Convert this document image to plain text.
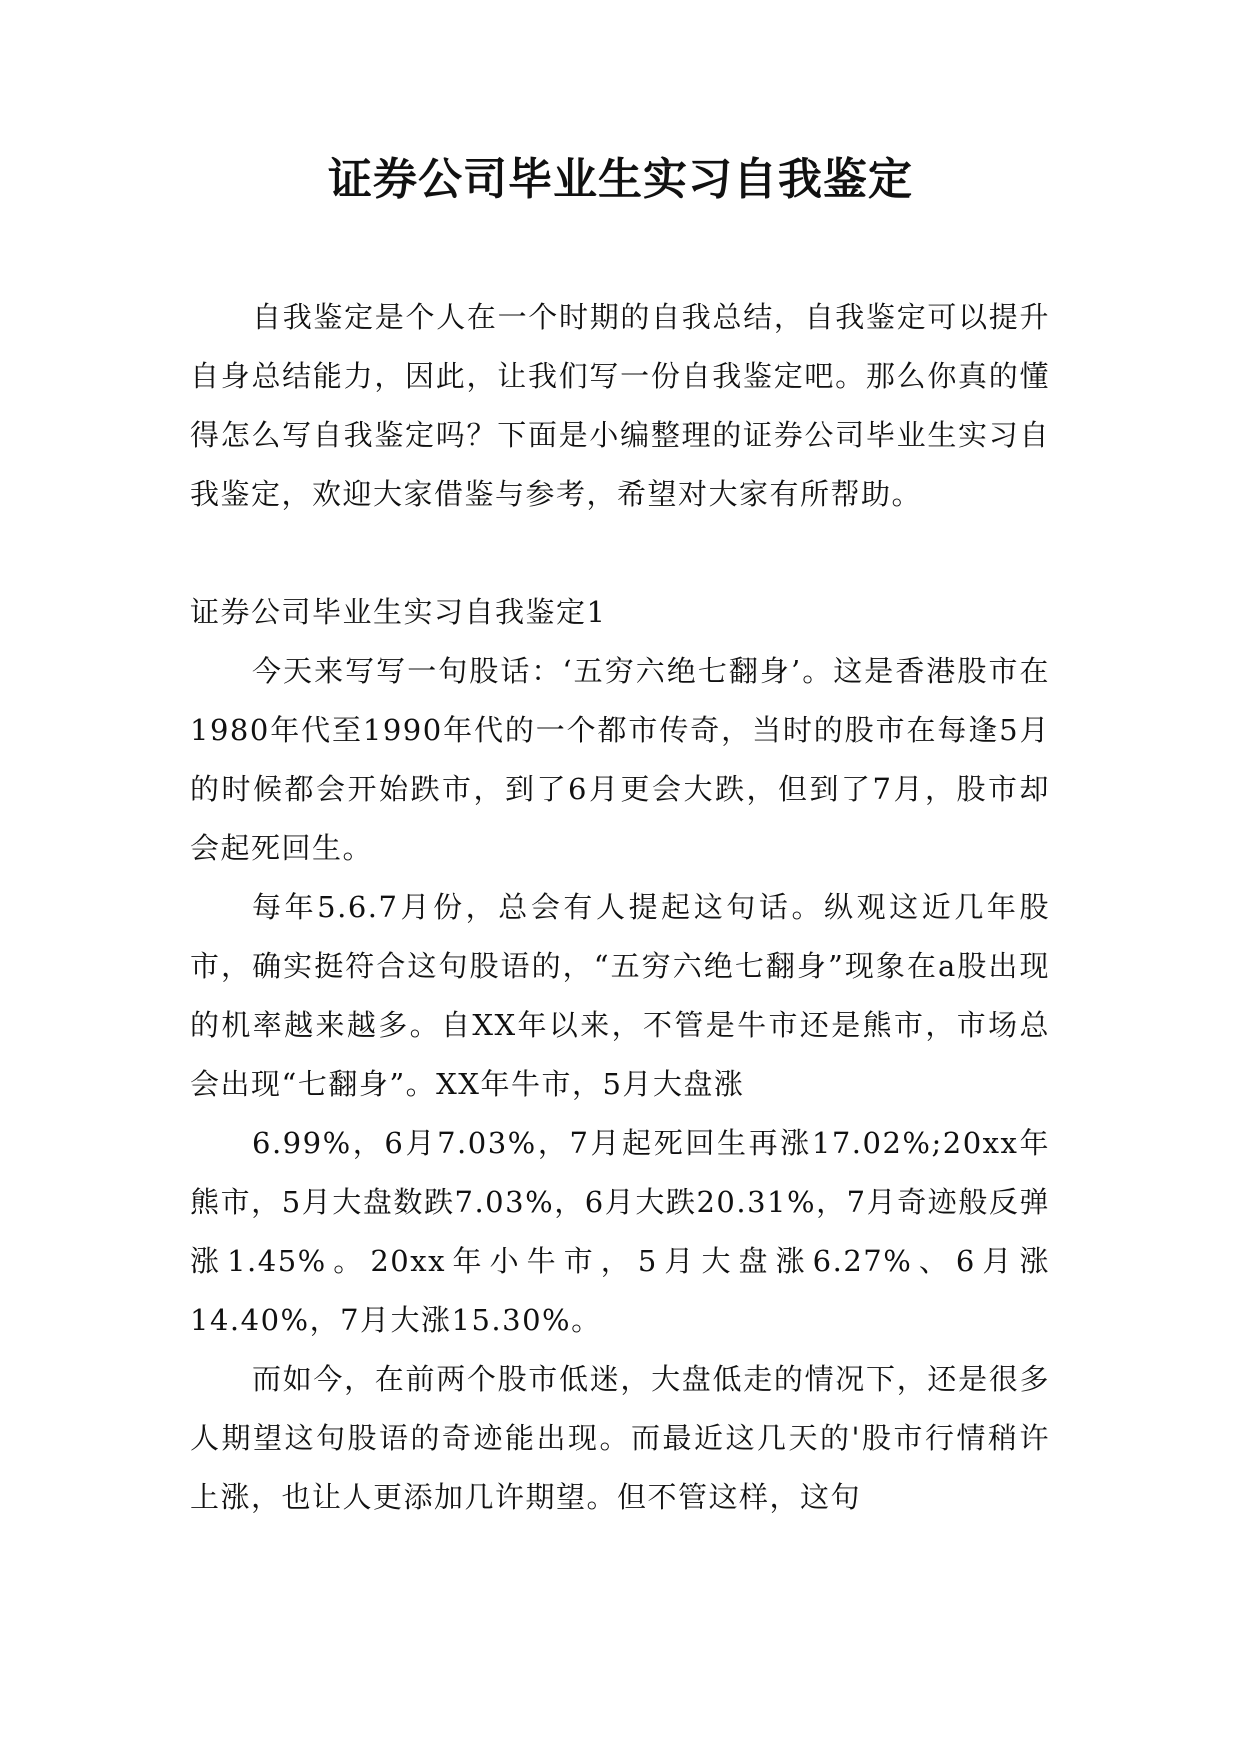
证券公司毕业生实习自我鉴定

自我鉴定是个人在一个时期的自我总结，自我鉴定可以提升自身总结能力，因此，让我们写一份自我鉴定吧。那么你真的懂得怎么写自我鉴定吗？下面是小编整理的证券公司毕业生实习自我鉴定，欢迎大家借鉴与参考，希望对大家有所帮助。

证券公司毕业生实习自我鉴定1

今天来写写一句股话：‘五穷六绝七翻身’。这是香港股市在1980年代至1990年代的一个都市传奇，当时的股市在每逢5月的时候都会开始跌市，到了6月更会大跌，但到了7月，股市却会起死回生。

每年5.6.7月份，总会有人提起这句话。纵观这近几年股市，确实挺符合这句股语的，“五穷六绝七翻身”现象在a股出现的机率越来越多。自XX年以来，不管是牛市还是熊市，市场总会出现“七翻身”。XX年牛市，5月大盘涨

6.99%，6月7.03%，7月起死回生再涨17.02%;20xx年熊市，5月大盘数跌7.03%，6月大跌20.31%，7月奇迹般反弹涨1.45%。20xx年小牛市，5月大盘涨6.27%、6月涨14.40%，7月大涨15.30%。

而如今，在前两个股市低迷，大盘低走的情况下，还是很多人期望这句股语的奇迹能出现。而最近这几天的'股市行情稍许上涨，也让人更添加几许期望。但不管这样，这句
